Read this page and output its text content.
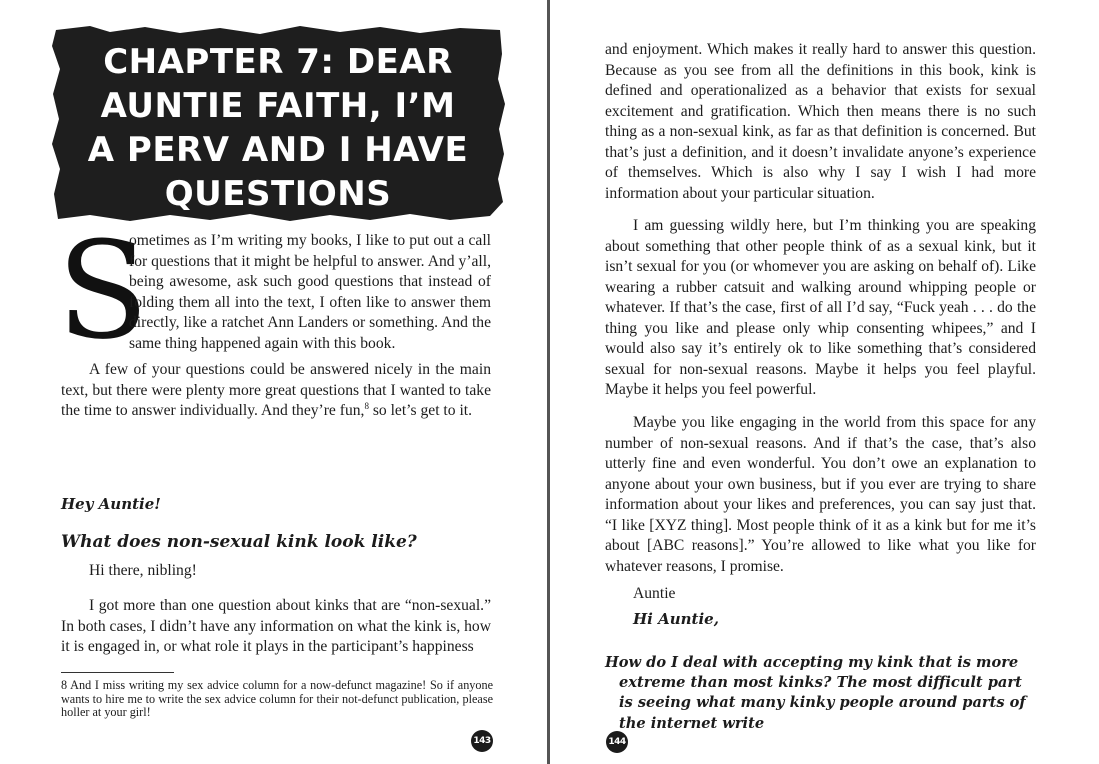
CHAPTER 7: DEAR
AUNTIE FAITH, I’M
A PERV AND I HAVE
QUESTIONS

S
ometimes as I’m writing my books, I like to put out a call for questions that it might be helpful to answer. And y’all, being awesome, ask such good questions that instead of folding them all into the text, I often like to answer them directly, like a ratchet Ann Landers or something. And the same thing happened again with this book.

A few of your questions could be answered nicely in the main text, but there were plenty more great questions that I wanted to take the time to answer individually. And they’re fun,$^8$ so let’s get to it.

Hey Auntie!
What does non-sexual kink look like?
Hi there, nibling!

I got more than one question about kinks that are “non-sexual.” In both cases, I didn’t have any information on what the kink is, how it is engaged in, or what role it plays in the participant’s happiness

8 And I miss writing my sex advice column for a now-defunct magazine! So if anyone wants to hire me to write the sex advice column for their not-defunct publication, please holler at your girl!
143

and enjoyment. Which makes it really hard to answer this question. Because as you see from all the definitions in this book, kink is defined and operationalized as a behavior that exists for sexual excitement and gratification. Which then means there is no such thing as a non-sexual kink, as far as that definition is concerned. But that’s just a definition, and it doesn’t invalidate anyone’s experience of themselves. Which is also why I say I wish I had more information about your particular situation.

I am guessing wildly here, but I’m thinking you are speaking about something that other people think of as a sexual kink, but it isn’t sexual for you (or whomever you are asking on behalf of). Like wearing a rubber catsuit and walking around whipping people or whatever. If that’s the case, first of all I’d say, “Fuck yeah . . . do the thing you like and please only whip consenting whipees,” and I would also say it’s entirely ok to like something that’s considered sexual for non-sexual reasons. Maybe it helps you feel playful. Maybe it helps you feel powerful.

Maybe you like engaging in the world from this space for any number of non-sexual reasons. And if that’s the case, that’s also utterly fine and even wonderful. You don’t owe an explanation to anyone about your own business, but if you ever are trying to share information about your likes and preferences, you can say just that. “I like [XYZ thing]. Most people think of it as a kink but for me it’s about [ABC reasons].” You’re allowed to like what you like for whatever reasons, I promise.

Auntie
Hi Auntie,
How do I deal with accepting my kink that is more extreme than most kinks? The most difficult part is seeing what many kinky people around parts of the internet write
144
